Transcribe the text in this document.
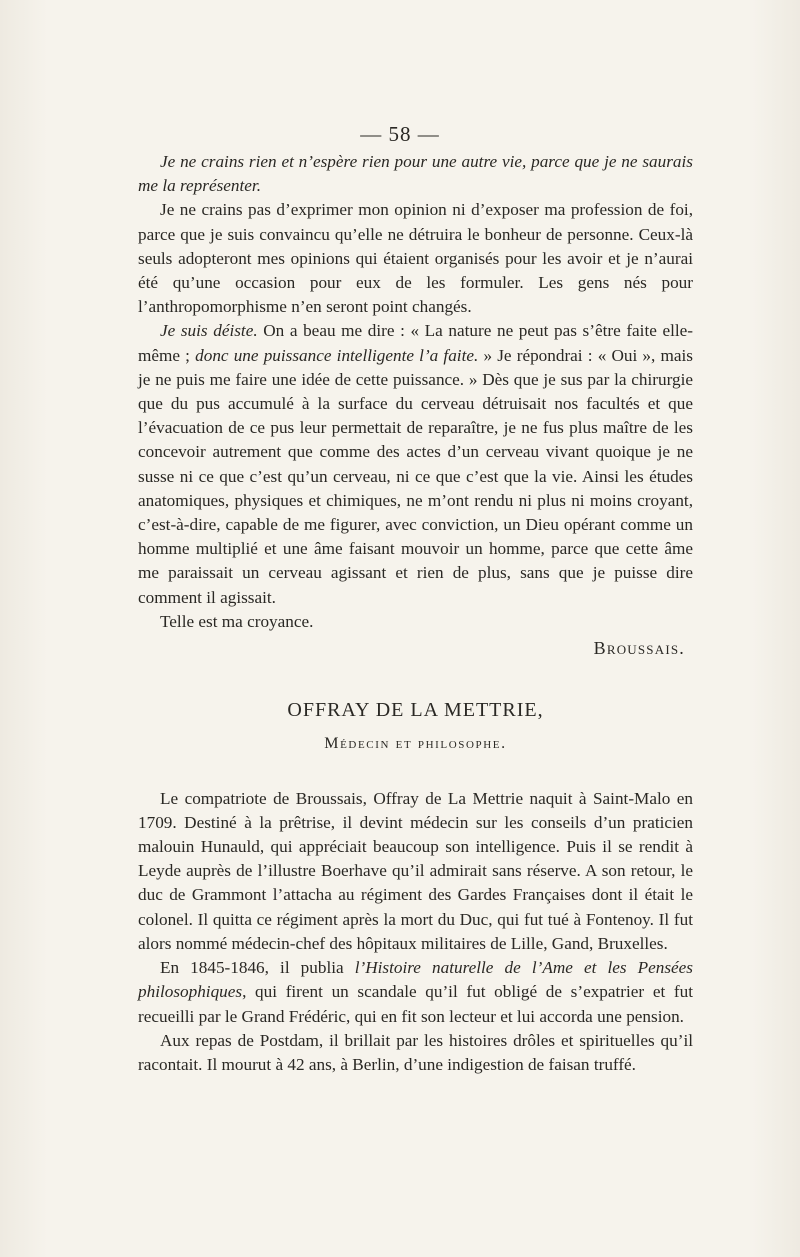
— 58 —

Je ne crains rien et n’espère rien pour une autre vie, parce que je ne saurais me la représenter.

Je ne crains pas d’exprimer mon opinion ni d’exposer ma profession de foi, parce que je suis convaincu qu’elle ne détruira le bonheur de personne. Ceux-là seuls adopteront mes opinions qui étaient organisés pour les avoir et je n’aurai été qu’une occasion pour eux de les formuler. Les gens nés pour l’anthropomorphisme n’en seront point changés.

Je suis déiste. On a beau me dire : « La nature ne peut pas s’être faite elle-même ; donc une puissance intelligente l’a faite. » Je répondrai : « Oui », mais je ne puis me faire une idée de cette puissance. » Dès que je sus par la chirurgie que du pus accumulé à la surface du cerveau détruisait nos facultés et que l’évacuation de ce pus leur permettait de reparaître, je ne fus plus maître de les concevoir autrement que comme des actes d’un cerveau vivant quoique je ne susse ni ce que c’est qu’un cerveau, ni ce que c’est que la vie. Ainsi les études anatomiques, physiques et chimiques, ne m’ont rendu ni plus ni moins croyant, c’est-à-dire, capable de me figurer, avec conviction, un Dieu opérant comme un homme multiplié et une âme faisant mouvoir un homme, parce que cette âme me paraissait un cerveau agissant et rien de plus, sans que je puisse dire comment il agissait.

Telle est ma croyance.

Broussais.
OFFRAY DE LA METTRIE,
Médecin et philosophe.

Le compatriote de Broussais, Offray de La Mettrie naquit à Saint-Malo en 1709. Destiné à la prêtrise, il devint médecin sur les conseils d’un praticien malouin Hunauld, qui appréciait beaucoup son intelligence. Puis il se rendit à Leyde auprès de l’illustre Boerhave qu’il admirait sans réserve. A son retour, le duc de Grammont l’attacha au régiment des Gardes Françaises dont il était le colonel. Il quitta ce régiment après la mort du Duc, qui fut tué à Fontenoy. Il fut alors nommé médecin-chef des hôpitaux militaires de Lille, Gand, Bruxelles.

En 1845-1846, il publia l’Histoire naturelle de l’Ame et les Pensées philosophiques, qui firent un scandale qu’il fut obligé de s’expatrier et fut recueilli par le Grand Frédéric, qui en fit son lecteur et lui accorda une pension.

Aux repas de Postdam, il brillait par les histoires drôles et spirituelles qu’il racontait. Il mourut à 42 ans, à Berlin, d’une indigestion de faisan truffé.
